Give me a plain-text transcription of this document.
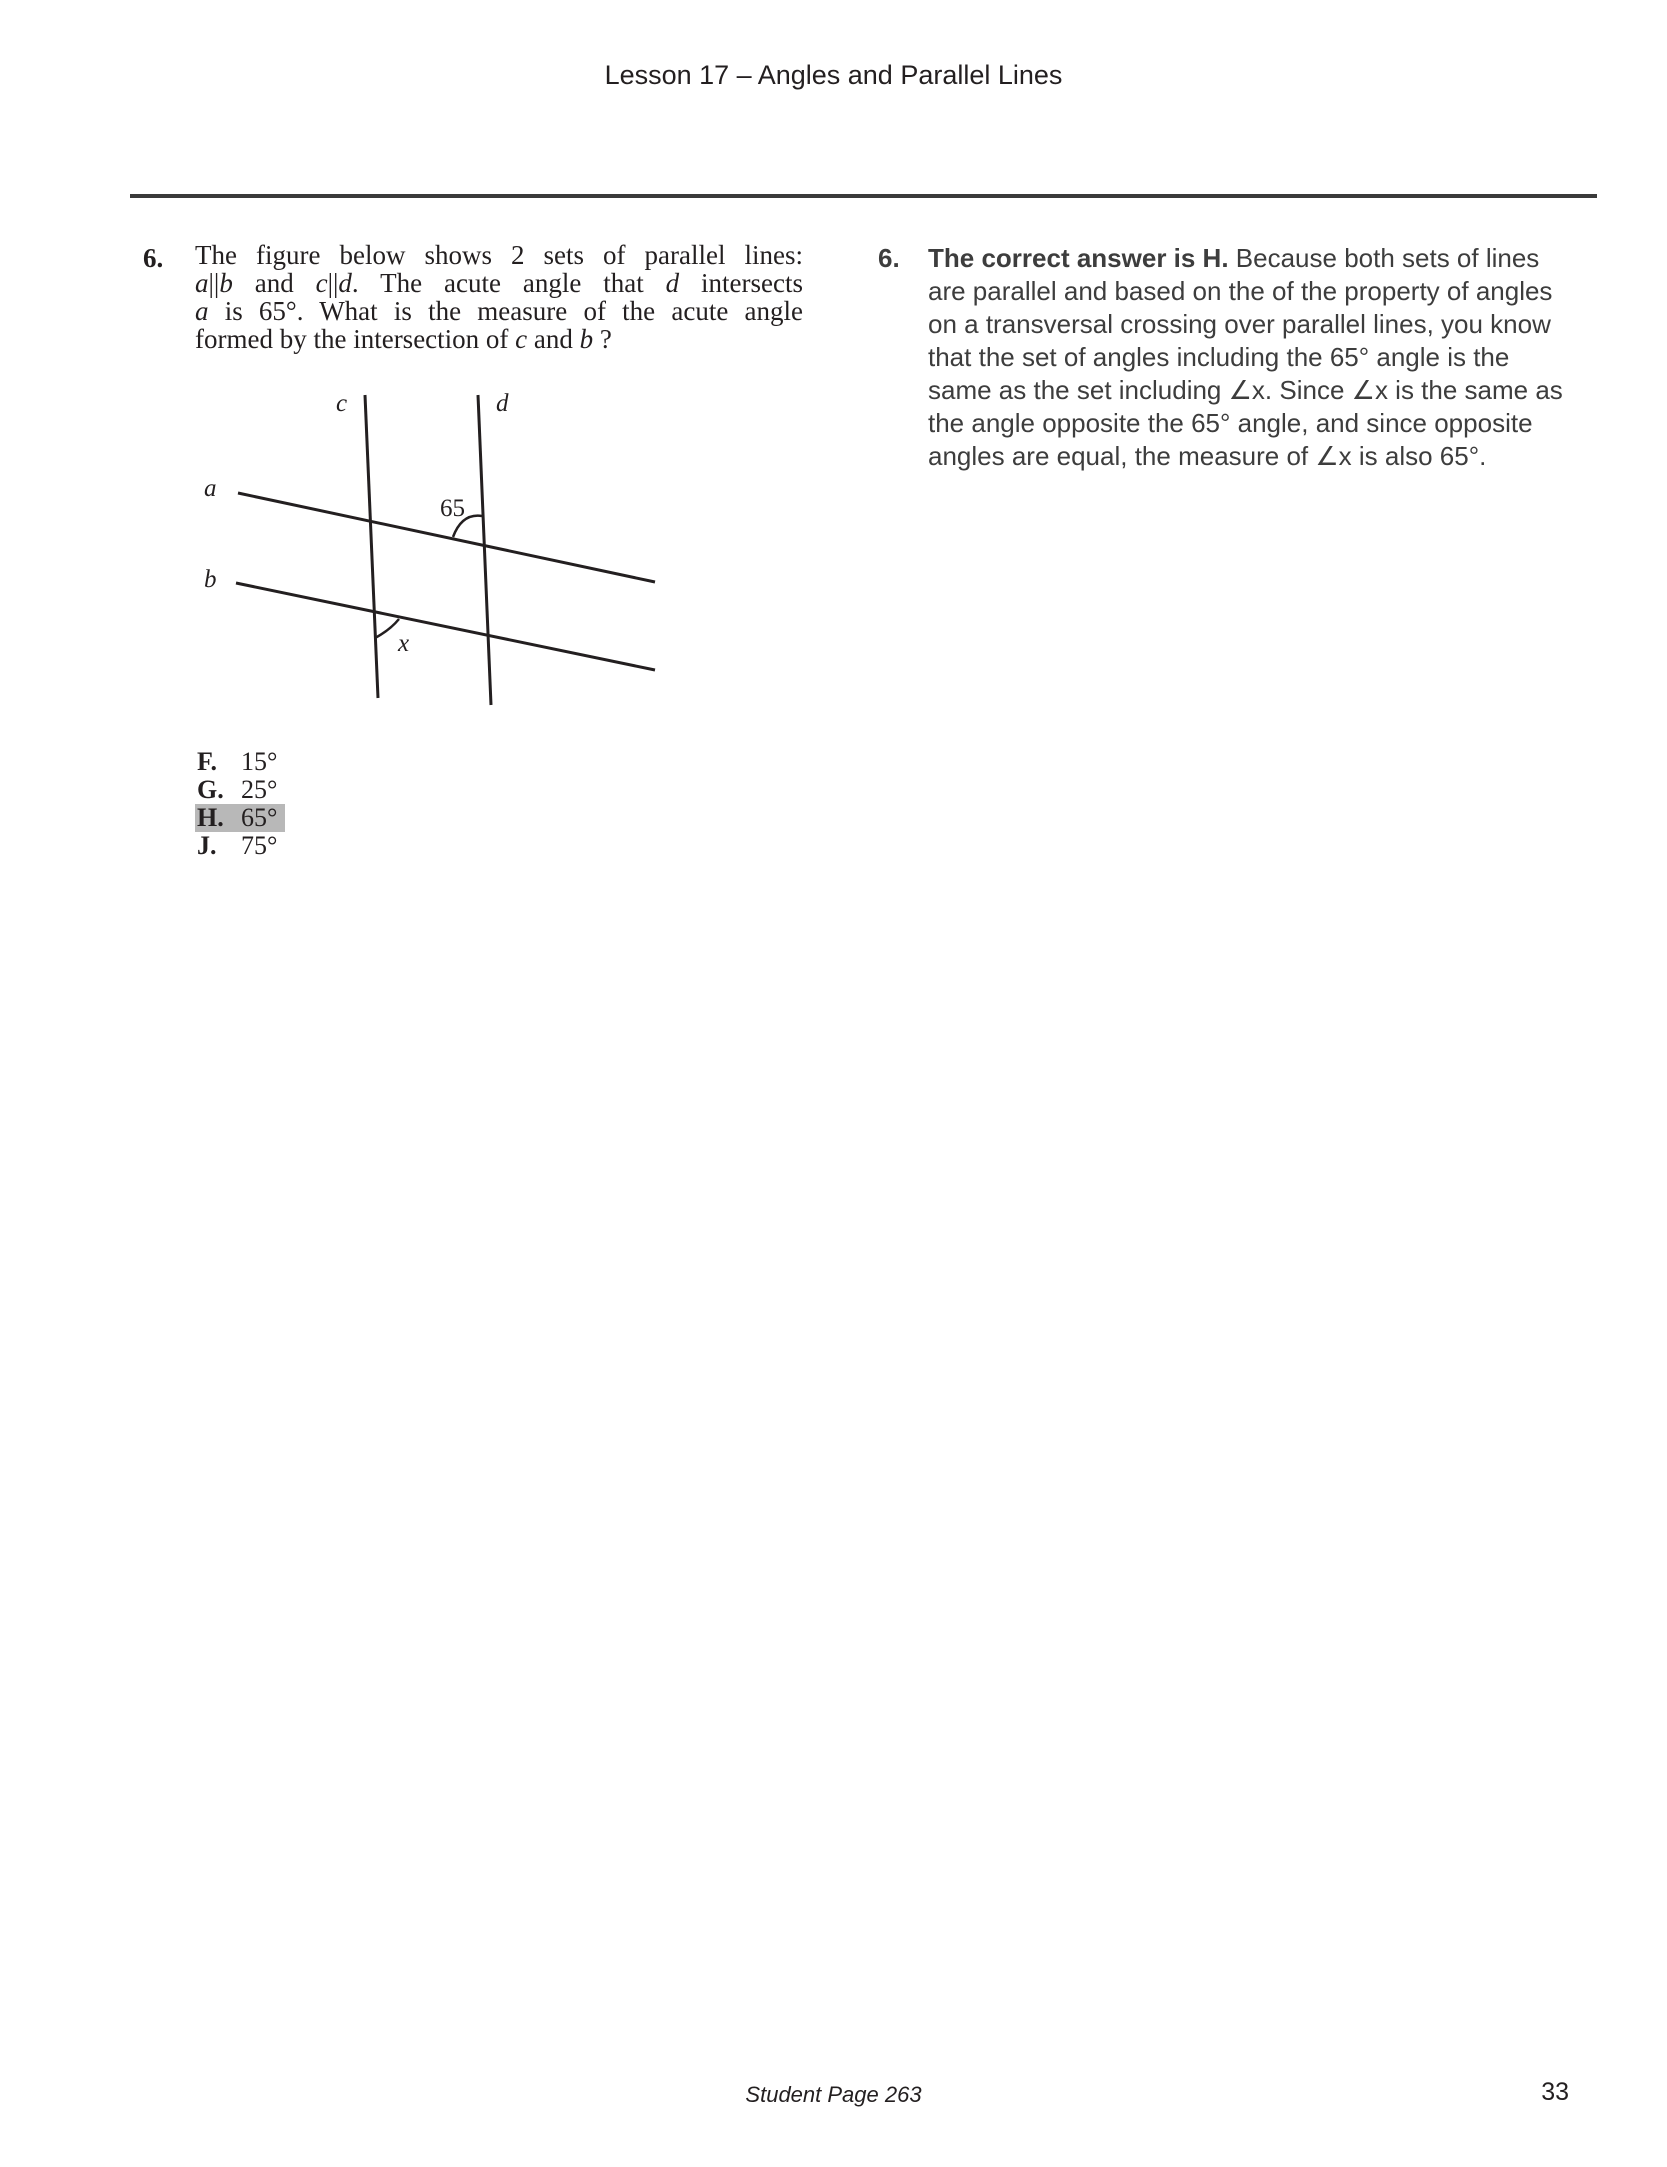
Lesson 17 – Angles and Parallel Lines
6. The figure below shows 2 sets of parallel lines:
a||b and c||d. The acute angle that d intersects
a is 65°. What is the measure of the acute angle
formed by the intersection of c and b ?
c	d
a
b
65
x
F. 15°
G. 25°
H. 65°
J. 75°
6. The correct answer is H. Because both sets of lines
are parallel and based on the of the property of angles
on a transversal crossing over parallel lines, you know
that the set of angles including the 65° angle is the
same as the set including ∠x. Since ∠x is the same as
the angle opposite the 65° angle, and since opposite
angles are equal, the measure of ∠x is also 65°.
Student Page 263	33
